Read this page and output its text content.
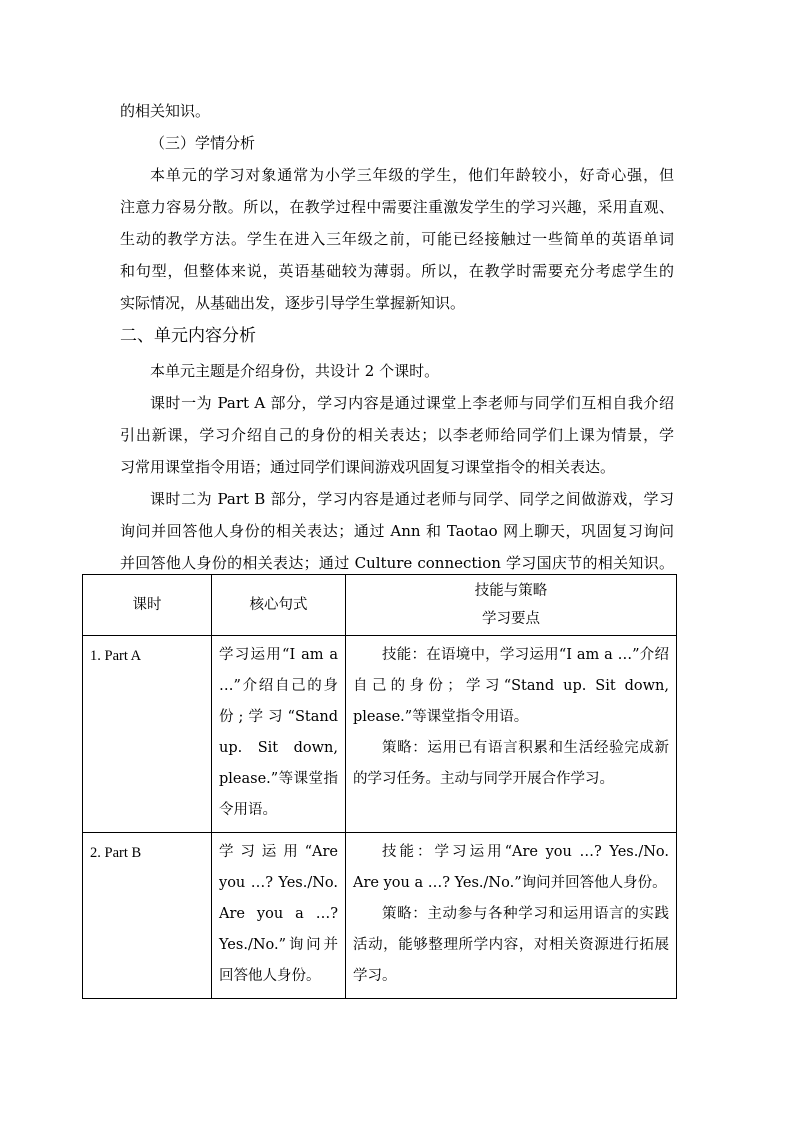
的相关知识。
（三）学情分析
本单元的学习对象通常为小学三年级的学生，他们年龄较小，好奇心强，但
注意力容易分散。所以，在教学过程中需要注重激发学生的学习兴趣，采用直观、
生动的教学方法。学生在进入三年级之前，可能已经接触过一些简单的英语单词
和句型，但整体来说，英语基础较为薄弱。所以，在教学时需要充分考虑学生的
实际情况，从基础出发，逐步引导学生掌握新知识。
二、单元内容分析
本单元主题是介绍身份，共设计 2 个课时。
课时一为 Part A 部分，学习内容是通过课堂上李老师与同学们互相自我介绍
引出新课，学习介绍自己的身份的相关表达；以李老师给同学们上课为情景，学
习常用课堂指令用语；通过同学们课间游戏巩固复习课堂指令的相关表达。
课时二为 Part B 部分，学习内容是通过老师与同学、同学之间做游戏，学习
询问并回答他人身份的相关表达；通过 Ann 和 Taotao 网上聊天，巩固复习询问
并回答他人身份的相关表达；通过 Culture connection 学习国庆节的相关知识。
课时	核心句式	技能与策略
学习要点

1. Part A	学习运用“I am a …”介绍自己的身份;学习“Stand up. Sit down, please.”等课堂指令用语。	技能：在语境中，学习运用“I am a …”介绍自己的身份；学习“Stand up. Sit down, please.”等课堂指令用语。
策略：运用已有语言积累和生活经验完成新的学习任务。主动与同学开展合作学习。

2. Part B	学习运用“Are you …? Yes./No. Are you a …? Yes./No.”询问并回答他人身份。	技能：学习运用“Are you …? Yes./No. Are you a …? Yes./No.”询问并回答他人身份。
策略：主动参与各种学习和运用语言的实践活动，能够整理所学内容，对相关资源进行拓展学习。
